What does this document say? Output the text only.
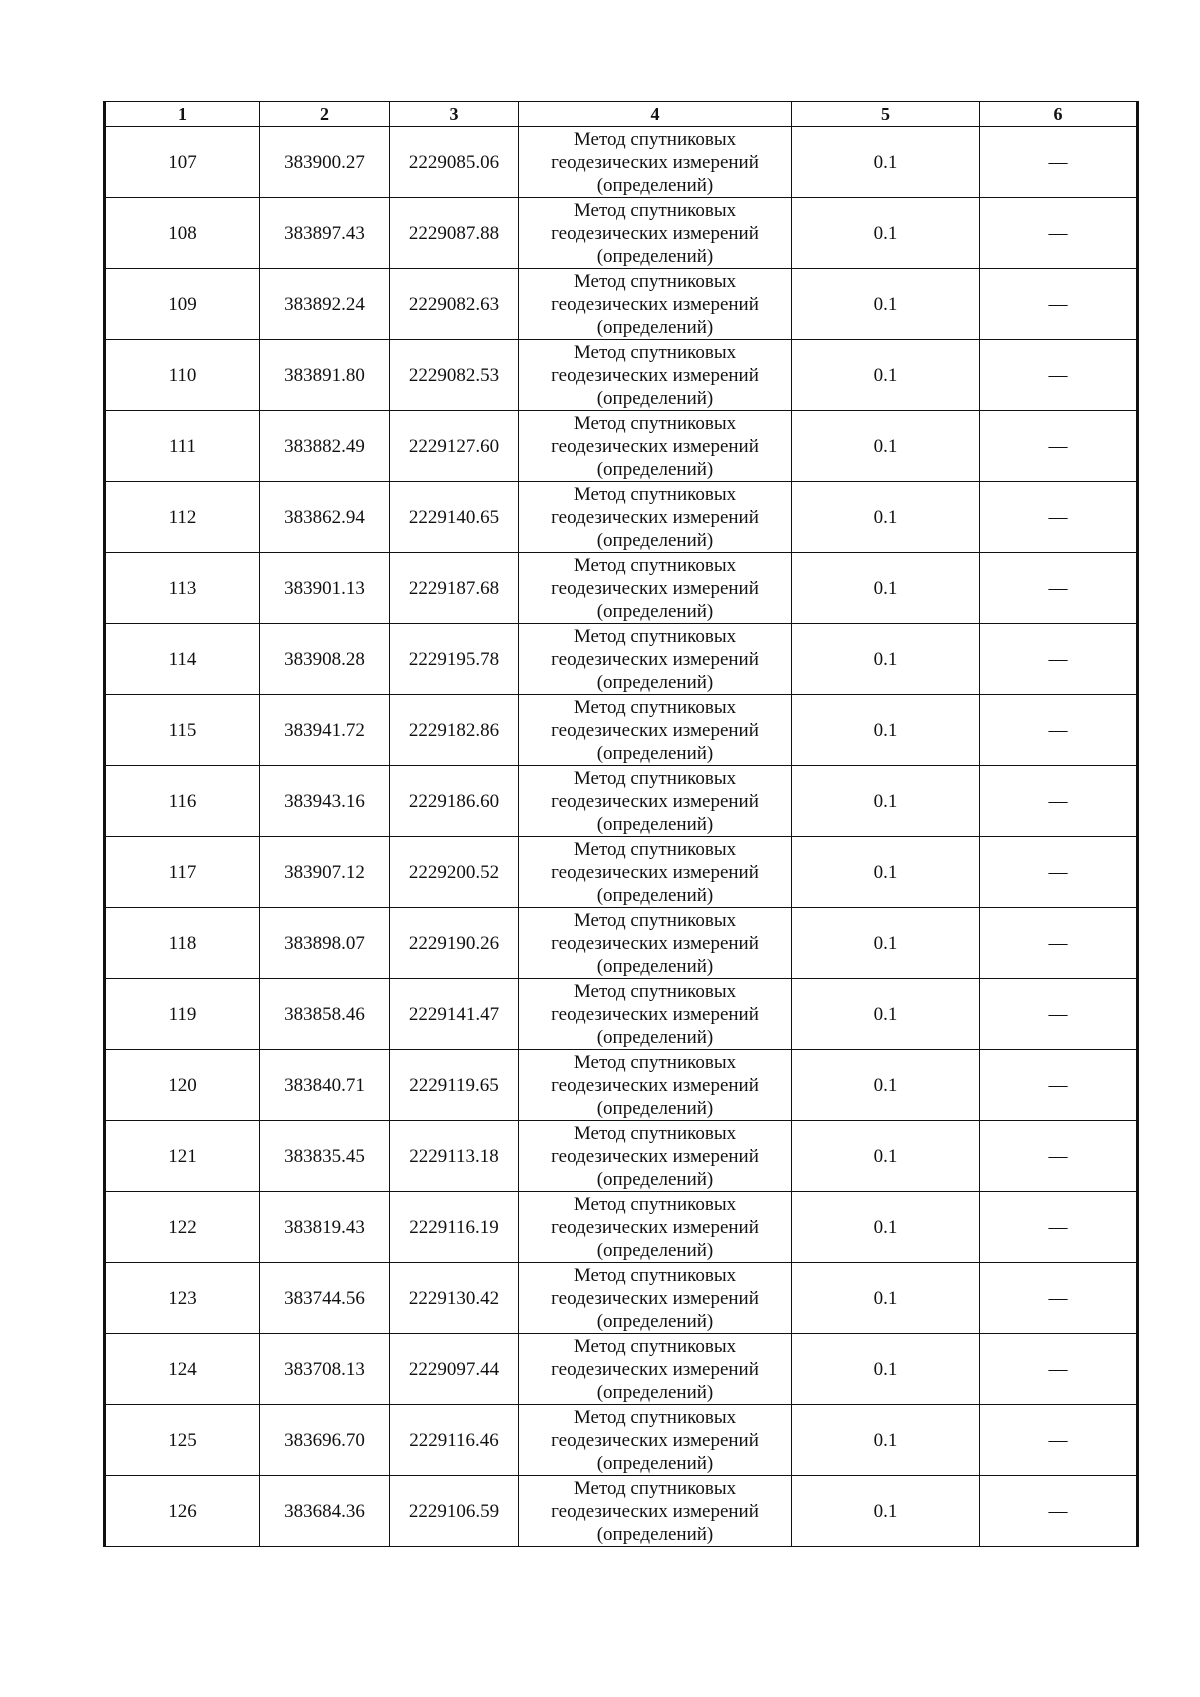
1	2	3	4	5	6
107	383900.27	2229085.06	Метод спутниковых
геодезических измерений
(определений)	0.1	—
108	383897.43	2229087.88	Метод спутниковых
геодезических измерений
(определений)	0.1	—
109	383892.24	2229082.63	Метод спутниковых
геодезических измерений
(определений)	0.1	—
110	383891.80	2229082.53	Метод спутниковых
геодезических измерений
(определений)	0.1	—
111	383882.49	2229127.60	Метод спутниковых
геодезических измерений
(определений)	0.1	—
112	383862.94	2229140.65	Метод спутниковых
геодезических измерений
(определений)	0.1	—
113	383901.13	2229187.68	Метод спутниковых
геодезических измерений
(определений)	0.1	—
114	383908.28	2229195.78	Метод спутниковых
геодезических измерений
(определений)	0.1	—
115	383941.72	2229182.86	Метод спутниковых
геодезических измерений
(определений)	0.1	—
116	383943.16	2229186.60	Метод спутниковых
геодезических измерений
(определений)	0.1	—
117	383907.12	2229200.52	Метод спутниковых
геодезических измерений
(определений)	0.1	—
118	383898.07	2229190.26	Метод спутниковых
геодезических измерений
(определений)	0.1	—
119	383858.46	2229141.47	Метод спутниковых
геодезических измерений
(определений)	0.1	—
120	383840.71	2229119.65	Метод спутниковых
геодезических измерений
(определений)	0.1	—
121	383835.45	2229113.18	Метод спутниковых
геодезических измерений
(определений)	0.1	—
122	383819.43	2229116.19	Метод спутниковых
геодезических измерений
(определений)	0.1	—
123	383744.56	2229130.42	Метод спутниковых
геодезических измерений
(определений)	0.1	—
124	383708.13	2229097.44	Метод спутниковых
геодезических измерений
(определений)	0.1	—
125	383696.70	2229116.46	Метод спутниковых
геодезических измерений
(определений)	0.1	—
126	383684.36	2229106.59	Метод спутниковых
геодезических измерений
(определений)	0.1	—
